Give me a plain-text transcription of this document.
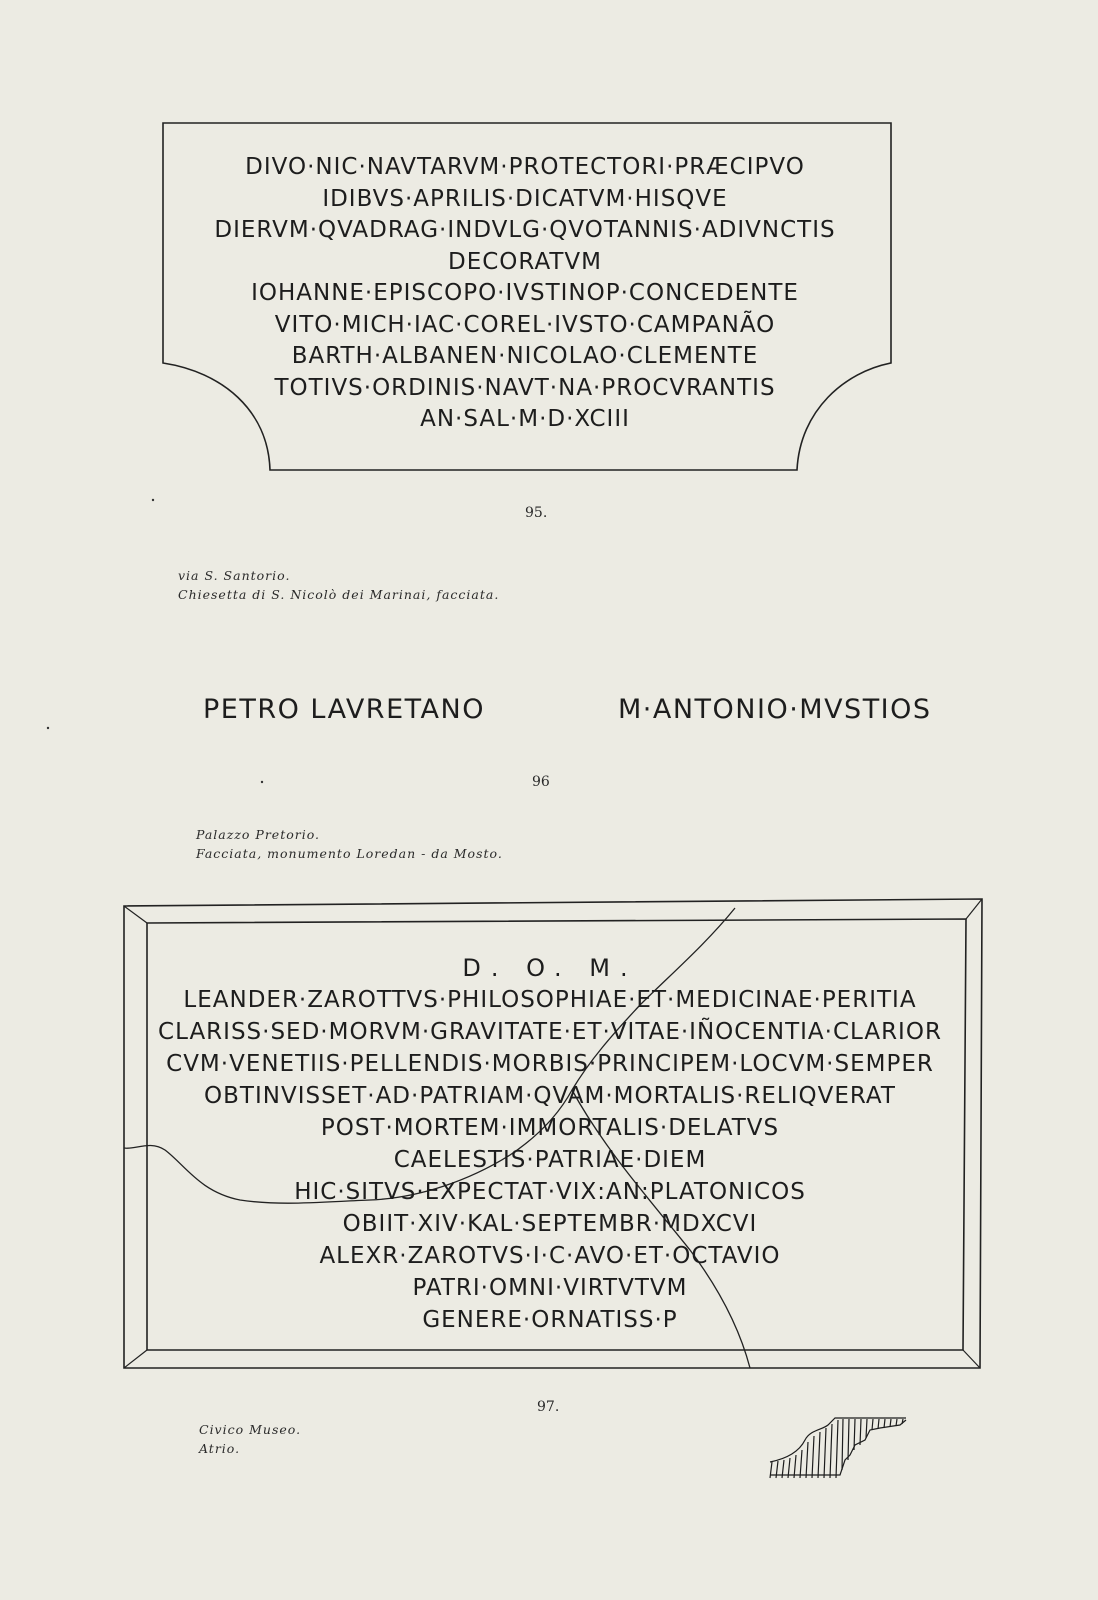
DIVO·NIC·NAVTARVM·PROTECTORI·PRÆCIPVO
IDIBVS·APRILIS·DICATVM·HISQVE
DIERVM·QVADRAG·INDVLG·QVOTANNIS·ADIVNCTIS
DECORATVM
IOHANNE·EPISCOPO·IVSTINOP·CONCEDENTE
VITO·MICH·IAC·COREL·IVSTO·CAMPANÃO
BARTH·ALBANEN·NICOLAO·CLEMENTE
TOTIVS·ORDINIS·NAVT·NA·PROCVRANTIS
AN·SAL·M·D·XCIII
95.
via S. Santorio.
Chiesetta di S. Nicolò dei Marinai, facciata.
PETRO LAVRETANO	M·ANTONIO·MVSTIOS
96
Palazzo Pretorio.
Facciata, monumento Loredan - da Mosto.
D. O. M.
LEANDER·ZAROTTVS·PHILOSOPHIAE·ET·MEDICINAE·PERITIA
CLARISS·SED·MORVM·GRAVITATE·ET·VITAE·IÑOCENTIA·CLARIOR
CVM·VENETIIS·PELLENDIS·MORBIS·PRINCIPEM·LOCVM·SEMPER
OBTINVISSET·AD·PATRIAM·QVAM·MORTALIS·RELIQVERAT
POST·MORTEM·IMMORTALIS·DELATVS
CAELESTIS·PATRIAE·DIEM
HIC·SITVS·EXPECTAT·VIX:AN:PLATONICOS
OBIIT·XIV·KAL·SEPTEMBR·MDXCVI
ALEXR·ZAROTVS·I·C·AVO·ET·OCTAVIO
PATRI·OMNI·VIRTVTVM
GENERE·ORNATISS·P
97.
Civico Museo.
Atrio.
